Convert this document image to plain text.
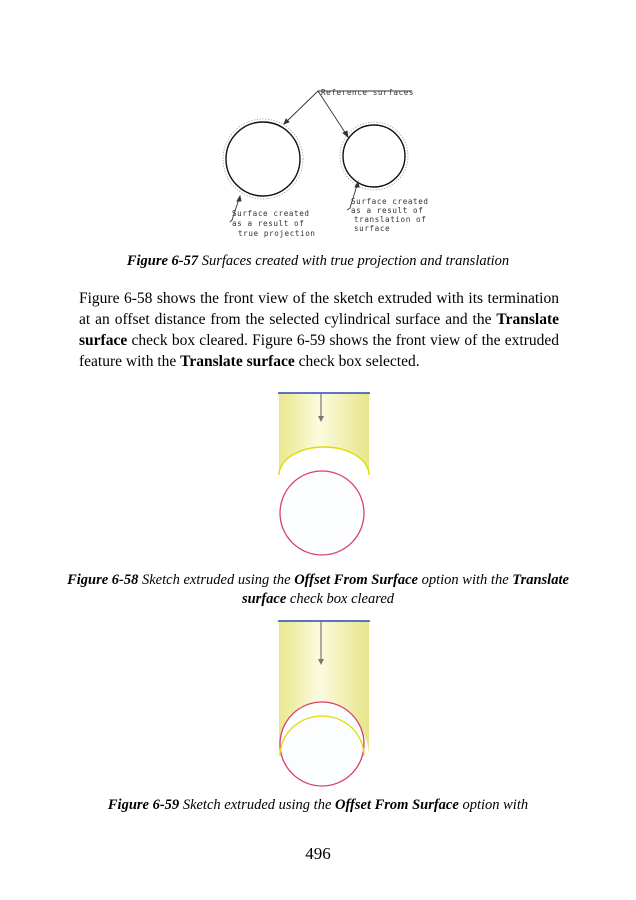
Reference surfaces
Surface created
as a result of
true projection
Surface created
as a result of
translation of
surface
Figure 6-57 Surfaces created with true projection and translation
Figure 6-58 shows the front view of the sketch extruded with its termination at an offset distance from the selected cylindrical surface and the Translate surface check box cleared. Figure 6-59 shows the front view of the extruded feature with the Translate surface check box selected.
Figure 6-58 Sketch extruded using the Offset From Surface option with the Translate surface check box cleared
Figure 6-59 Sketch extruded using the Offset From Surface option with
496
